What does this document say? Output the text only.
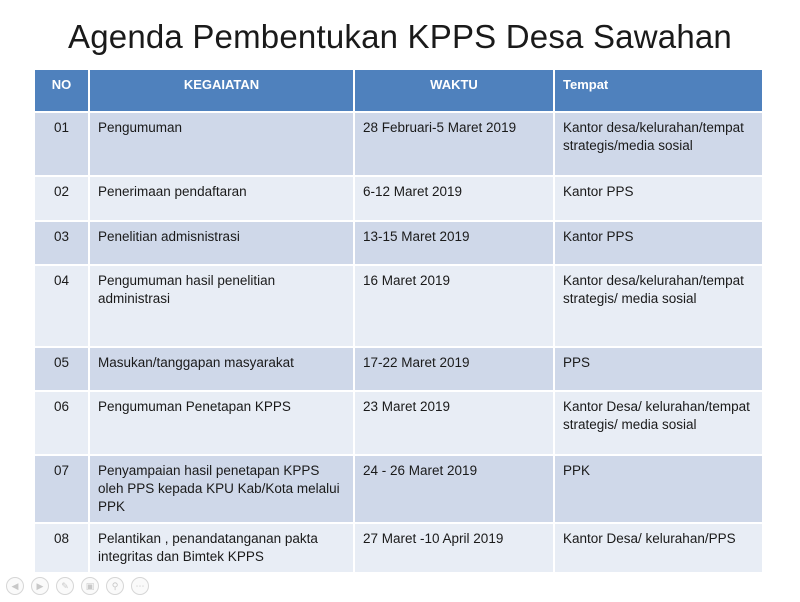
Agenda Pembentukan KPPS Desa Sawahan
NO	KEGAIATAN	WAKTU	Tempat
01	Pengumuman	28 Februari-5 Maret 2019	Kantor desa/kelurahan/tempat strategis/media sosial
02	Penerimaan pendaftaran	6-12 Maret 2019	Kantor PPS
03	Penelitian admisnistrasi	13-15 Maret 2019	Kantor PPS
04	Pengumuman hasil penelitian administrasi	16 Maret 2019	Kantor desa/kelurahan/tempat strategis/ media sosial
05	Masukan/tanggapan masyarakat	17-22 Maret 2019	PPS
06	Pengumuman Penetapan KPPS	23 Maret 2019	Kantor Desa/ kelurahan/tempat strategis/ media sosial
07	Penyampaian hasil penetapan KPPS oleh PPS kepada KPU Kab/Kota melalui PPK	24 - 26 Maret 2019	PPK
08	Pelantikan , penandatanganan pakta integritas dan Bimtek KPPS	27 Maret -10 April 2019	Kantor Desa/ kelurahan/PPS
◀	▶	✎	▣	⚲	⋯
